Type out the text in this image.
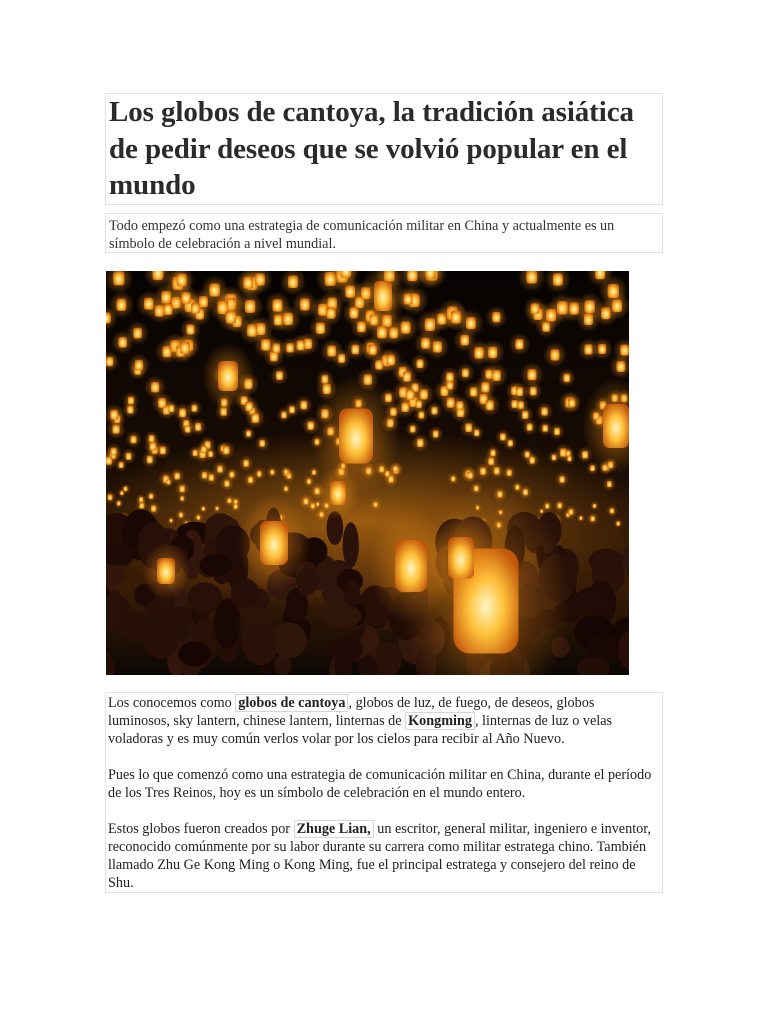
Los globos de cantoya, la tradición asiática de pedir deseos que se volvió popular en el mundo

Todo empezó como una estrategia de comunicación militar en China y actualmente es un símbolo de celebración a nivel mundial.

Los conocemos como globos de cantoya , globos de luz, de fuego, de deseos, globos luminosos, sky lantern, chinese lantern, linternas de Kongming , linternas de luz o velas voladoras y es muy común verlos volar por los cielos para recibir al Año Nuevo.

Pues lo que comenzó como una estrategia de comunicación militar en China, durante el período de los Tres Reinos, hoy es un símbolo de celebración en el mundo entero.

Estos globos fueron creados por Zhuge Lian, un escritor, general militar, ingeniero e inventor, reconocido comúnmente por su labor durante su carrera como militar estratega chino. También llamado Zhu Ge Kong Ming o Kong Ming, fue el principal estratega y consejero del reino de Shu.
